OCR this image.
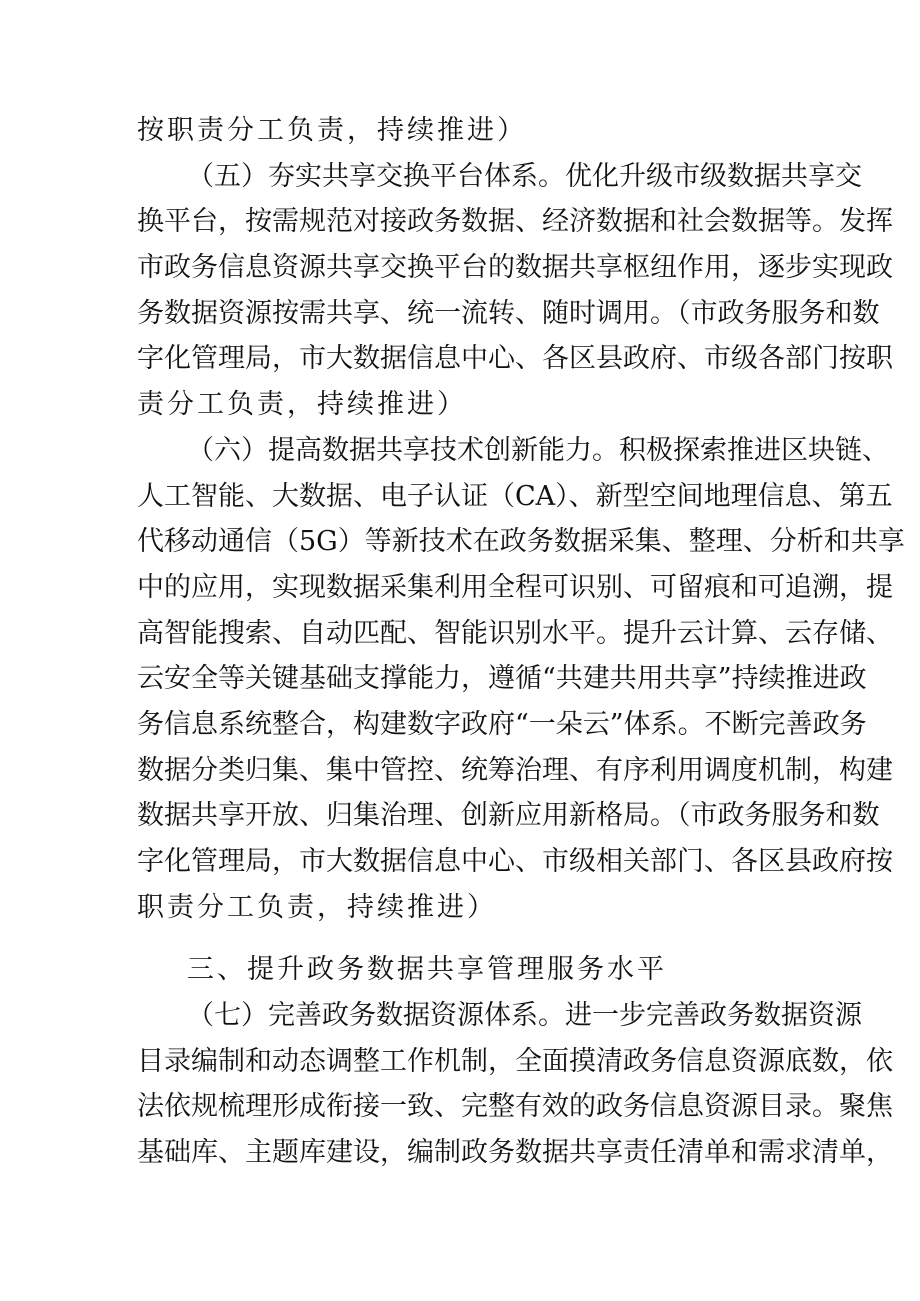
按职责分工负责，持续推进）
（五）夯实共享交换平台体系。优化升级市级数据共享交
换平台，按需规范对接政务数据、经济数据和社会数据等。发挥
市政务信息资源共享交换平台的数据共享枢纽作用，逐步实现政
务数据资源按需共享、统一流转、随时调用。（市政务服务和数
字化管理局，市大数据信息中心、各区县政府、市级各部门按职
责分工负责，持续推进）
（六）提高数据共享技术创新能力。积极探索推进区块链、
人工智能、大数据、电子认证（CA）、新型空间地理信息、第五
代移动通信（5G）等新技术在政务数据采集、整理、分析和共享
中的应用，实现数据采集利用全程可识别、可留痕和可追溯，提
高智能搜索、自动匹配、智能识别水平。提升云计算、云存储、
云安全等关键基础支撑能力，遵循“共建共用共享”持续推进政
务信息系统整合，构建数字政府“一朵云”体系。不断完善政务
数据分类归集、集中管控、统筹治理、有序利用调度机制，构建
数据共享开放、归集治理、创新应用新格局。（市政务服务和数
字化管理局，市大数据信息中心、市级相关部门、各区县政府按
职责分工负责，持续推进）
三、提升政务数据共享管理服务水平
（七）完善政务数据资源体系。进一步完善政务数据资源
目录编制和动态调整工作机制，全面摸清政务信息资源底数，依
法依规梳理形成衔接一致、完整有效的政务信息资源目录。聚焦
基础库、主题库建设，编制政务数据共享责任清单和需求清单，
